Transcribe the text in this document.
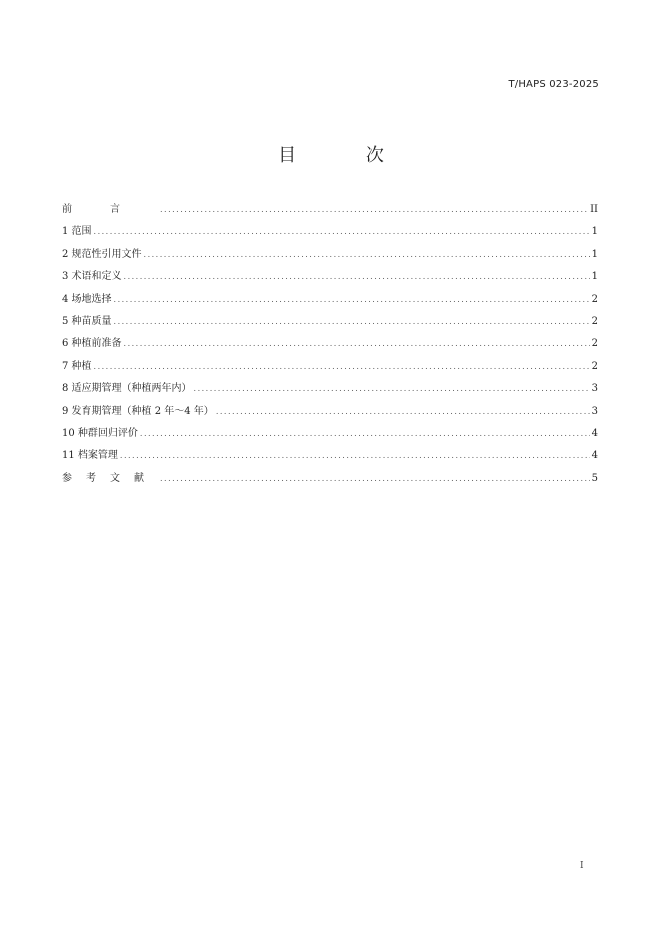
T/HAPS 023-2025
目 次
前言 .....	II
1 范围 .....	1
2 规范性引用文件 .....	1
3 术语和定义 .....	1
4 场地选择 .....	2
5 种苗质量 .....	2
6 种植前准备 .....	2
7 种植 .....	2
8 适应期管理（种植两年内） .....	3
9 发育期管理（种植 2 年～4 年） .....	3
10 种群回归评价 .....	4
11 档案管理 .....	4
参考文献 .....	5
I
